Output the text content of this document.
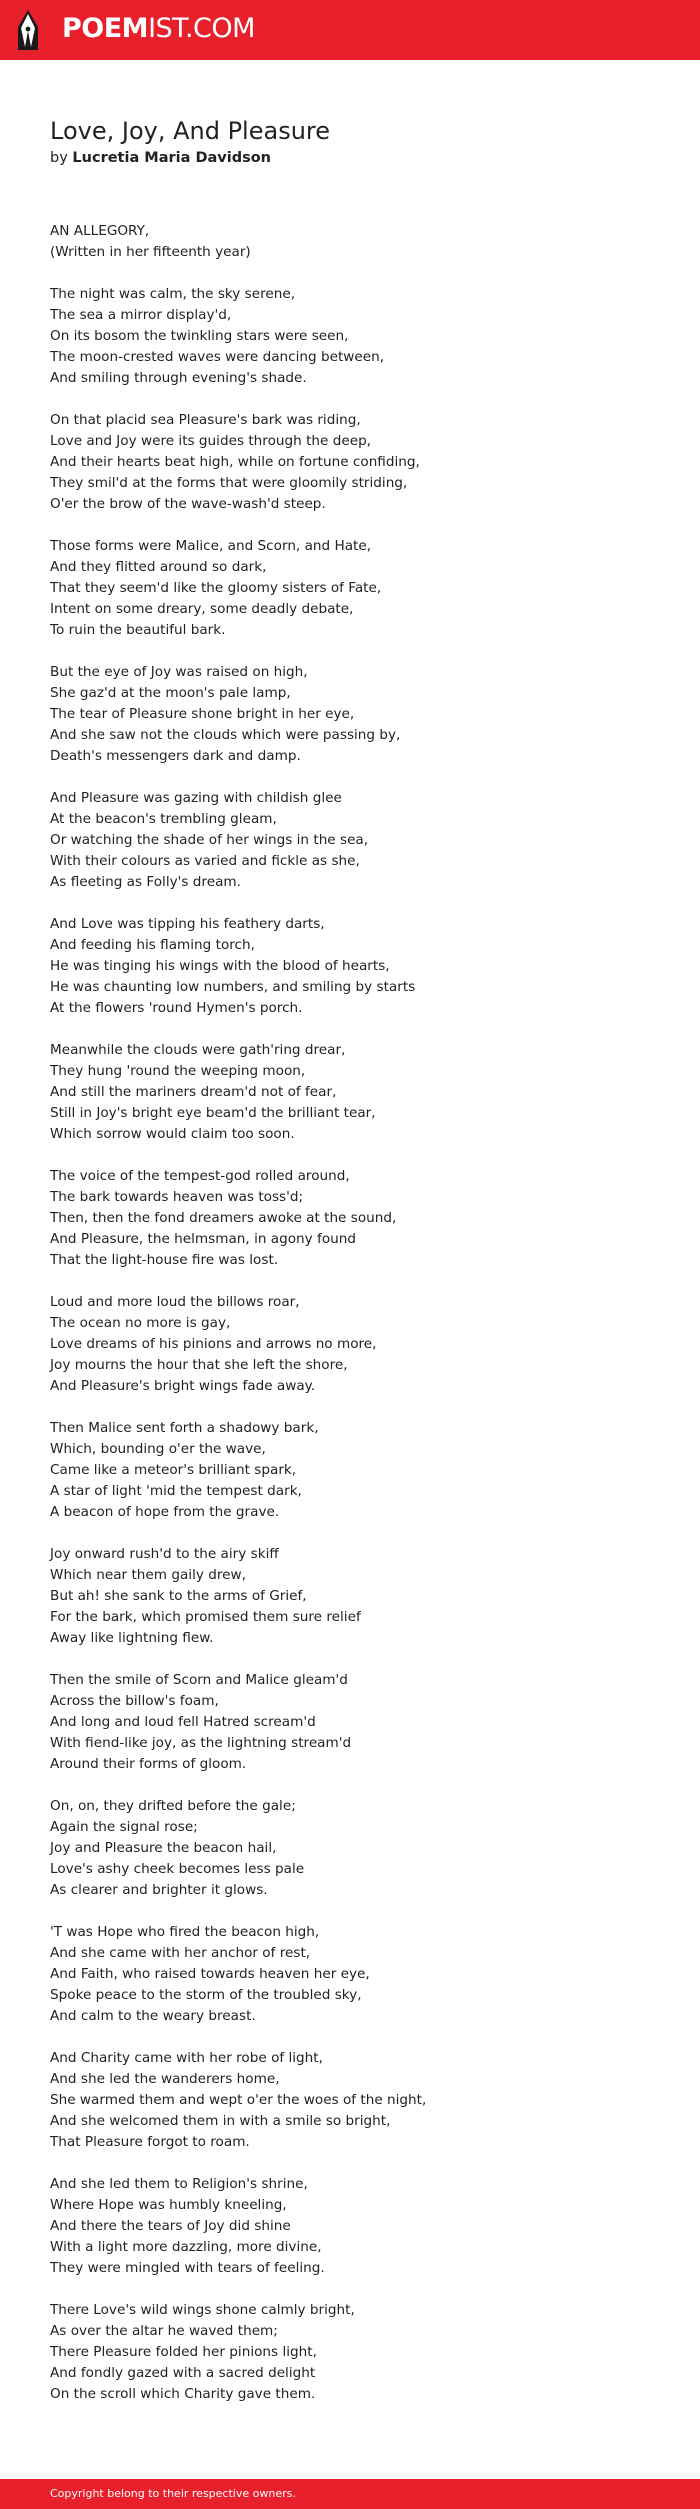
POEMIST.COM
Love, Joy, And Pleasure
by Lucretia Maria Davidson
AN ALLEGORY,
(Written in her fifteenth year)
The night was calm, the sky serene,
The sea a mirror display'd,
On its bosom the twinkling stars were seen,
The moon-crested waves were dancing between,
And smiling through evening's shade.
On that placid sea Pleasure's bark was riding,
Love and Joy were its guides through the deep,
And their hearts beat high, while on fortune confiding,
They smil'd at the forms that were gloomily striding,
O'er the brow of the wave-wash'd steep.
Those forms were Malice, and Scorn, and Hate,
And they flitted around so dark,
That they seem'd like the gloomy sisters of Fate,
Intent on some dreary, some deadly debate,
To ruin the beautiful bark.
But the eye of Joy was raised on high,
She gaz'd at the moon's pale lamp,
The tear of Pleasure shone bright in her eye,
And she saw not the clouds which were passing by,
Death's messengers dark and damp.
And Pleasure was gazing with childish glee
At the beacon's trembling gleam,
Or watching the shade of her wings in the sea,
With their colours as varied and fickle as she,
As fleeting as Folly's dream.
And Love was tipping his feathery darts,
And feeding his flaming torch,
He was tinging his wings with the blood of hearts,
He was chaunting low numbers, and smiling by starts
At the flowers 'round Hymen's porch.
Meanwhile the clouds were gath'ring drear,
They hung 'round the weeping moon,
And still the mariners dream'd not of fear,
Still in Joy's bright eye beam'd the brilliant tear,
Which sorrow would claim too soon.
The voice of the tempest-god rolled around,
The bark towards heaven was toss'd;
Then, then the fond dreamers awoke at the sound,
And Pleasure, the helmsman, in agony found
That the light-house fire was lost.
Loud and more loud the billows roar,
The ocean no more is gay,
Love dreams of his pinions and arrows no more,
Joy mourns the hour that she left the shore,
And Pleasure's bright wings fade away.
Then Malice sent forth a shadowy bark,
Which, bounding o'er the wave,
Came like a meteor's brilliant spark,
A star of light 'mid the tempest dark,
A beacon of hope from the grave.
Joy onward rush'd to the airy skiff
Which near them gaily drew,
But ah! she sank to the arms of Grief,
For the bark, which promised them sure relief
Away like lightning flew.
Then the smile of Scorn and Malice gleam'd
Across the billow's foam,
And long and loud fell Hatred scream'd
With fiend-like joy, as the lightning stream'd
Around their forms of gloom.
On, on, they drifted before the gale;
Again the signal rose;
Joy and Pleasure the beacon hail,
Love's ashy cheek becomes less pale
As clearer and brighter it glows.
'T was Hope who fired the beacon high,
And she came with her anchor of rest,
And Faith, who raised towards heaven her eye,
Spoke peace to the storm of the troubled sky,
And calm to the weary breast.
And Charity came with her robe of light,
And she led the wanderers home,
She warmed them and wept o'er the woes of the night,
And she welcomed them in with a smile so bright,
That Pleasure forgot to roam.
And she led them to Religion's shrine,
Where Hope was humbly kneeling,
And there the tears of Joy did shine
With a light more dazzling, more divine,
They were mingled with tears of feeling.
There Love's wild wings shone calmly bright,
As over the altar he waved them;
There Pleasure folded her pinions light,
And fondly gazed with a sacred delight
On the scroll which Charity gave them.
Copyright belong to their respective owners.
